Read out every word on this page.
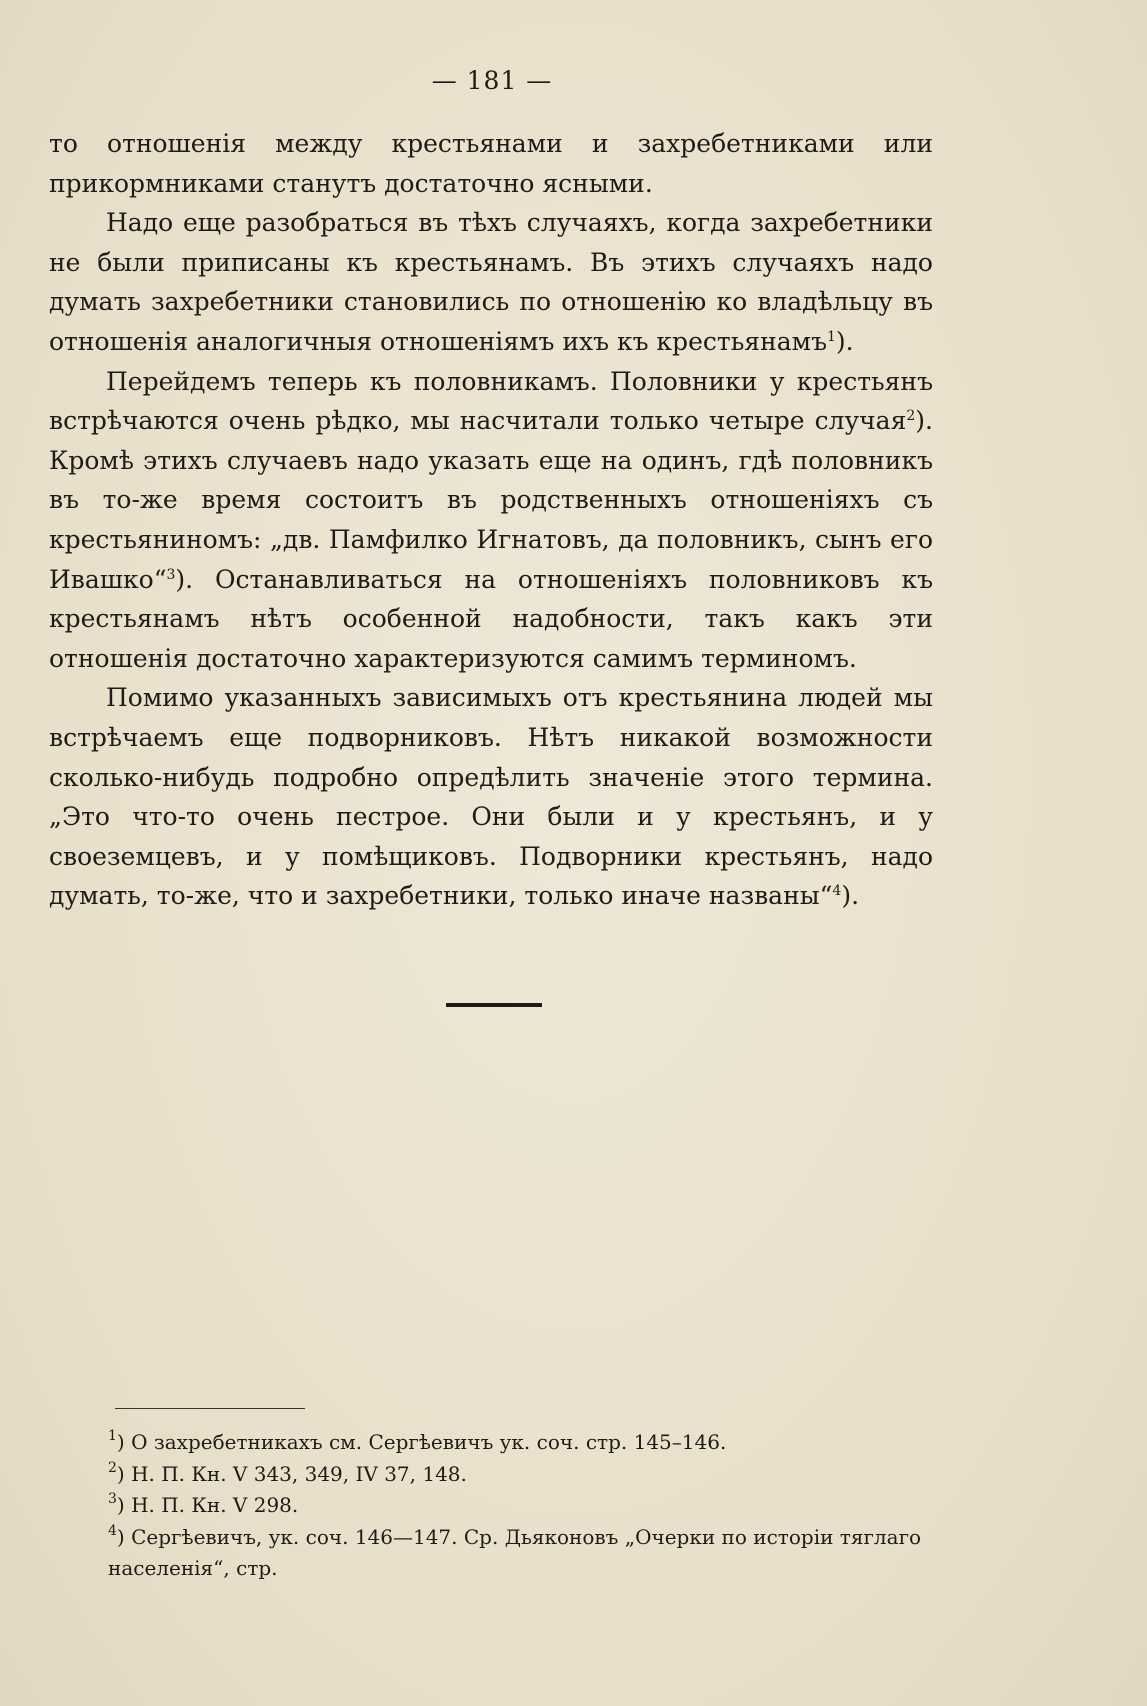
— 181 —

то отношенія между крестьянами и захребетниками или прикормниками станутъ достаточно ясными.

Надо еще разобраться въ тѣхъ случаяхъ, когда захребетники не были приписаны къ крестьянамъ. Въ этихъ случаяхъ надо думать захребетники становились по отношенію ко владѣльцу въ отношенія аналогичныя отношеніямъ ихъ къ крестьянамъ$^1$).

Перейдемъ теперь къ половникамъ. Половники у крестьянъ встрѣчаются очень рѣдко, мы насчитали только четыре случая$^2$). Кромѣ этихъ случаевъ надо указать еще на одинъ, гдѣ половникъ въ то-же время состоитъ въ родственныхъ отношеніяхъ съ крестьяниномъ: „дв. Памфилко Игнатовъ, да половникъ, сынъ его Ивашко“$^3$). Останавливаться на отношеніяхъ половниковъ къ крестьянамъ нѣтъ особенной надобности, такъ какъ эти отношенія достаточно характеризуются самимъ терминомъ.

Помимо указанныхъ зависимыхъ отъ крестьянина людей мы встрѣчаемъ еще подворниковъ. Нѣтъ никакой возможности сколько-нибудь подробно опредѣлить значеніе этого термина. „Это что-то очень пестрое. Они были и у крестьянъ, и у своеземцевъ, и у помѣщиковъ. Подворники крестьянъ, надо думать, то-же, что и захребетники, только иначе названы“$^4$).

$^1$) О захребетникахъ см. Сергѣевичъ ук. соч. стр. 145–146.

$^2$) Н. П. Кн. V 343, 349, IV 37, 148.

$^3$) Н. П. Кн. V 298.

$^4$) Сергѣевичъ, ук. соч. 146—147. Ср. Дьяконовъ „Очерки по исторіи тяглаго населенія“, стр.
